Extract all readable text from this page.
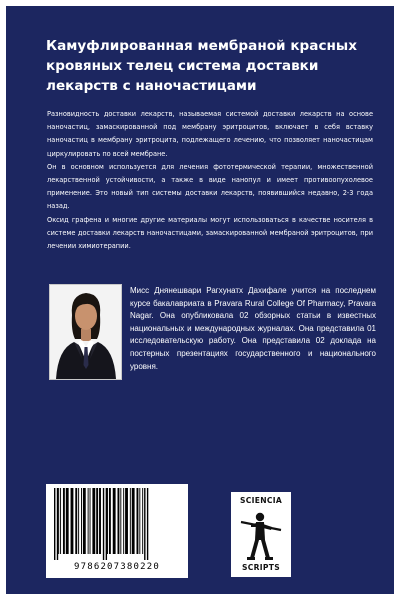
Камуфлированная мембраной красных кровяных телец система доставки лекарств с наночастицами

Разновидность доставки лекарств, называемая системой доставки лекарств на основе наночастиц, замаскированной под мембрану эритроцитов, включает в себя вставку наночастиц в мембрану эритроцита, подлежащего лечению, что позволяет наночастицам циркулировать по всей мембране.

Он в основном используется для лечения фототермической терапии, множественной лекарственной устойчивости, а также в виде нанопул и имеет противоопухолевое применение. Это новый тип системы доставки лекарств, появившийся недавно, 2-3 года назад.

Оксид графена и многие другие материалы могут использоваться в качестве носителя в системе доставки лекарств наночастицами, замаскированной мембраной эритроцитов, при лечении химиотерапии.

Мисс Днянешвари Рагхунатх Дахифале учится на последнем курсе бакалавриата в Pravara Rural College Of Pharmacy, Pravara Nagar. Она опубликовала 02 обзорных статьи в известных национальных и международных журналах. Она представила 01 исследовательскую работу. Она представила 02 доклада на постерных презентациях государственного и национального уровня.
9786207380220
SCIENCIA
SCRIPTS
